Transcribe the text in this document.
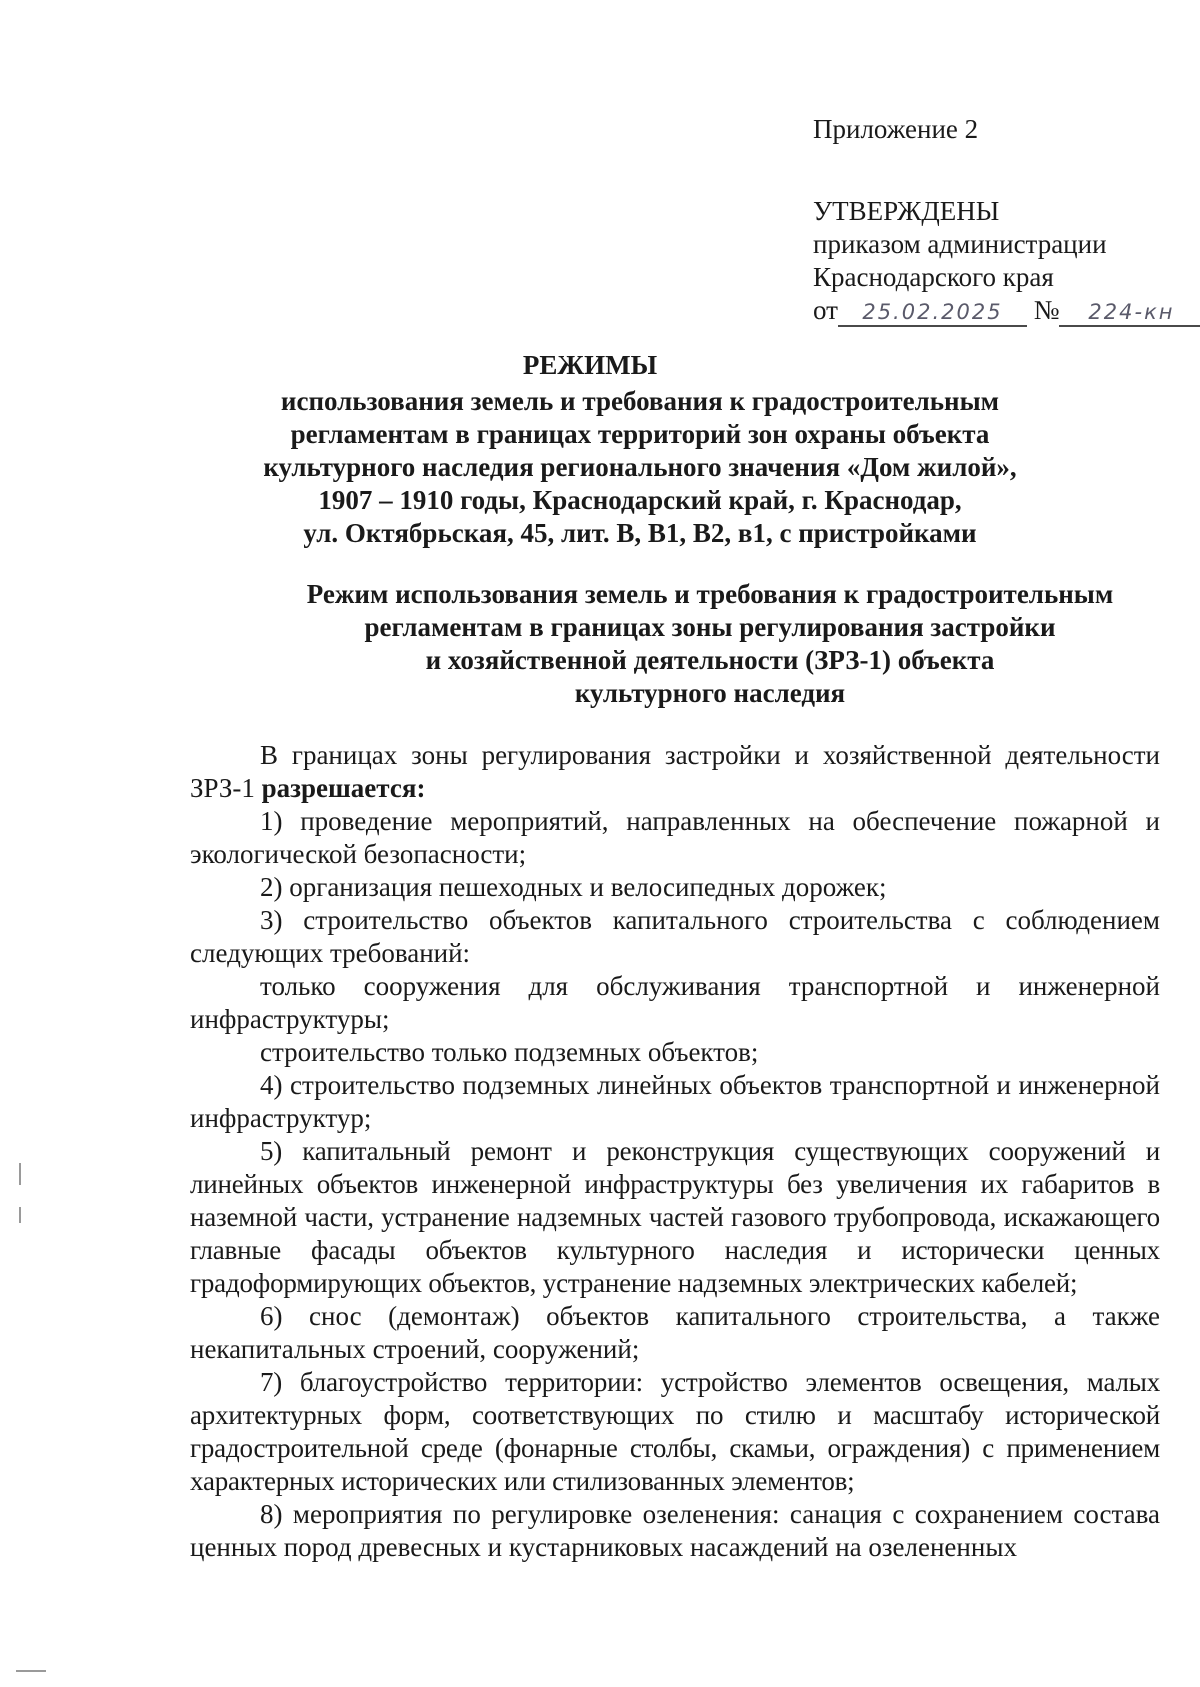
Приложение 2
УТВЕРЖДЕНЫ
приказом администрации
Краснодарского края
от 25.02.2025 № 224-кн
РЕЖИМЫ
использования земель и требования к градостроительным
регламентам в границах территорий зон охраны объекта
культурного наследия регионального значения «Дом жилой»,
1907 – 1910 годы, Краснодарский край, г. Краснодар,
ул. Октябрьская, 45, лит. В, В1, В2, в1, с пристройками
Режим использования земель и требования к градостроительным
регламентам в границах зоны регулирования застройки
и хозяйственной деятельности (ЗРЗ-1) объекта
культурного наследия

В границах зоны регулирования застройки и хозяйственной деятельности ЗРЗ-1 разрешается:

1) проведение мероприятий, направленных на обеспечение пожарной и экологической безопасности;

2) организация пешеходных и велосипедных дорожек;

3) строительство объектов капитального строительства с соблюдением следующих требований:

только сооружения для обслуживания транспортной и инженерной инфраструктуры;

строительство только подземных объектов;

4) строительство подземных линейных объектов транспортной и инженерной инфраструктур;

5) капитальный ремонт и реконструкция существующих сооружений и линейных объектов инженерной инфраструктуры без увеличения их габаритов в наземной части, устранение надземных частей газового трубопровода, искажающего главные фасады объектов культурного наследия и исторически ценных градоформирующих объектов, устранение надземных электрических кабелей;

6) снос (демонтаж) объектов капитального строительства, а также некапитальных строений, сооружений;

7) благоустройство территории: устройство элементов освещения, малых архитектурных форм, соответствующих по стилю и масштабу исторической градостроительной среде (фонарные столбы, скамьи, ограждения) с применением характерных исторических или стилизованных элементов;

8) мероприятия по регулировке озеленения: санация с сохранением состава ценных пород древесных и кустарниковых насаждений на озелененных
